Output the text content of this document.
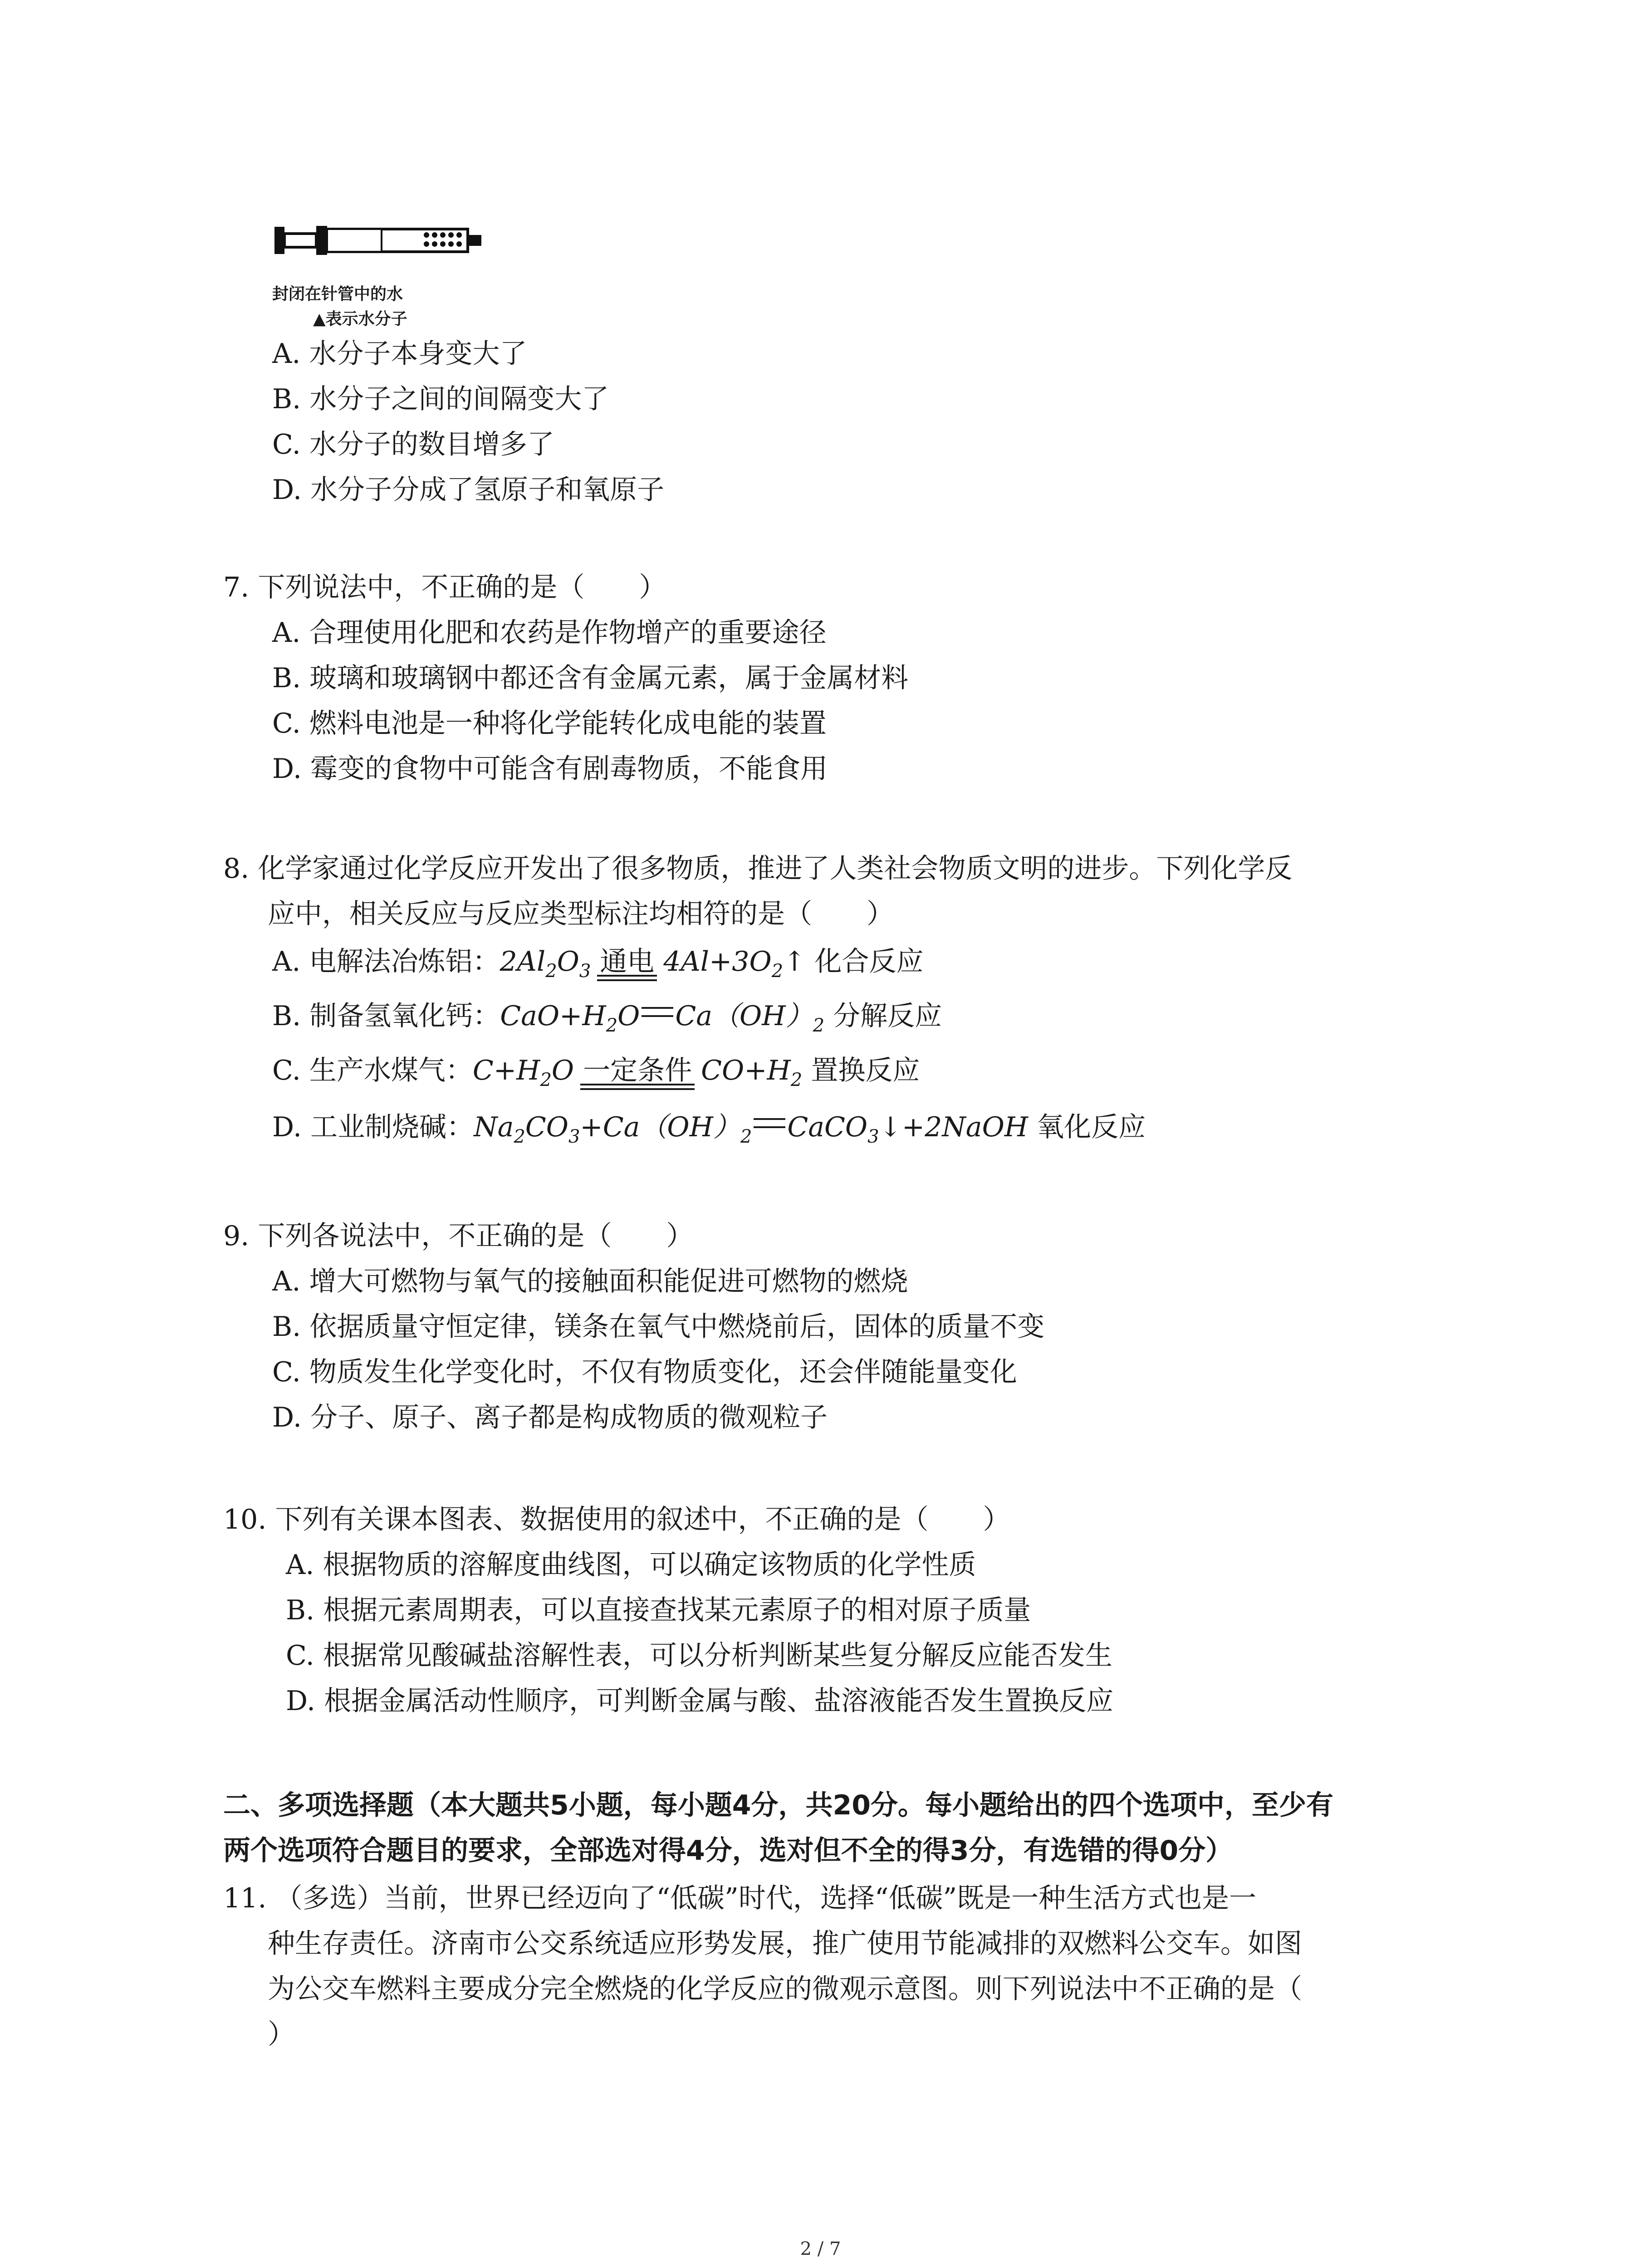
封闭在针管中的水
▲表示水分子
A. 水分子本身变大了
B. 水分子之间的间隔变大了
C. 水分子的数目增多了
D. 水分子分成了氢原子和氧原子
7. 下列说法中，不正确的是（　　）
A. 合理使用化肥和农药是作物增产的重要途径
B. 玻璃和玻璃钢中都还含有金属元素，属于金属材料
C. 燃料电池是一种将化学能转化成电能的装置
D. 霉变的食物中可能含有剧毒物质，不能食用
8. 化学家通过化学反应开发出了很多物质，推进了人类社会物质文明的进步。下列化学反
应中，相关反应与反应类型标注均相符的是（　　）
A. 电解法冶炼铝：$2Al_2O_3$ 通电 $4Al+3O_2↑$ 化合反应
B. 制备氢氧化钙：$CaO+H_2O$ $Ca(OH)_2$ 分解反应
C. 生产水煤气：$C+H_2O$ 一定条件 $CO+H_2$ 置换反应
D. 工业制烧碱：$Na_2CO_3+Ca(OH)_2$ CaCO$_3$↓+2NaOH 氧化反应
9. 下列各说法中，不正确的是（　　）
A. 增大可燃物与氧气的接触面积能促进可燃物的燃烧
B. 依据质量守恒定律，镁条在氧气中燃烧前后，固体的质量不变
C. 物质发生化学变化时，不仅有物质变化，还会伴随能量变化
D. 分子、原子、离子都是构成物质的微观粒子
10. 下列有关课本图表、数据使用的叙述中，不正确的是（　　）
A. 根据物质的溶解度曲线图，可以确定该物质的化学性质
B. 根据元素周期表，可以直接查找某元素原子的相对原子质量
C. 根据常见酸碱盐溶解性表，可以分析判断某些复分解反应能否发生
D. 根据金属活动性顺序，可判断金属与酸、盐溶液能否发生置换反应
二、多项选择题（本大题共5小题，每小题4分，共20分。每小题给出的四个选项中，至少有
两个选项符合题目的要求，全部选对得4分，选对但不全的得3分，有选错的得0分）
11. （多选）当前，世界已经迈向了“低碳”时代，选择“低碳”既是一种生活方式也是一
种生存责任。济南市公交系统适应形势发展，推广使用节能减排的双燃料公交车。如图
为公交车燃料主要成分完全燃烧的化学反应的微观示意图。则下列说法中不正确的是（
）
2 / 7
